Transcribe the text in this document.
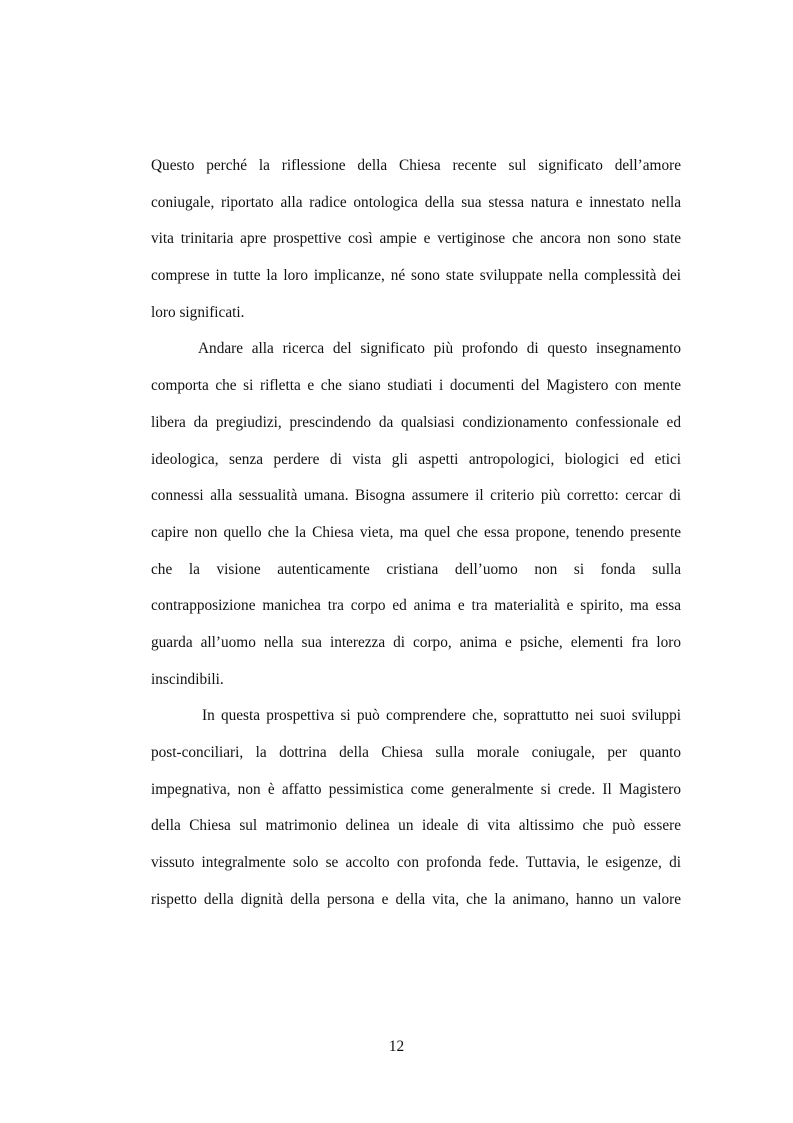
Questo perché la riflessione della Chiesa recente sul significato dell’amore
coniugale, riportato alla radice ontologica della sua stessa natura e innestato nella
vita trinitaria apre prospettive così ampie e vertiginose che ancora non sono state
comprese in tutte la loro implicanze, né sono state sviluppate nella complessità dei
loro significati.
Andare alla ricerca del significato più profondo di questo insegnamento
comporta che si rifletta e che siano studiati i documenti del Magistero con mente
libera da pregiudizi, prescindendo da qualsiasi condizionamento confessionale ed
ideologica, senza perdere di vista gli aspetti antropologici, biologici ed etici
connessi alla sessualità umana. Bisogna assumere il criterio più corretto: cercar di
capire non quello che la Chiesa vieta, ma quel che essa propone, tenendo presente
che la visione autenticamente cristiana dell’uomo non si fonda sulla
contrapposizione manichea tra corpo ed anima e tra materialità e spirito, ma essa
guarda all’uomo nella sua interezza di corpo, anima e psiche, elementi fra loro
inscindibili.
In questa prospettiva si può comprendere che, soprattutto nei suoi sviluppi
post-conciliari, la dottrina della Chiesa sulla morale coniugale, per quanto
impegnativa, non è affatto pessimistica come generalmente si crede. Il Magistero
della Chiesa sul matrimonio delinea un ideale di vita altissimo che può essere
vissuto integralmente solo se accolto con profonda fede. Tuttavia, le esigenze, di
rispetto della dignità della persona e della vita, che la animano, hanno un valore
12
